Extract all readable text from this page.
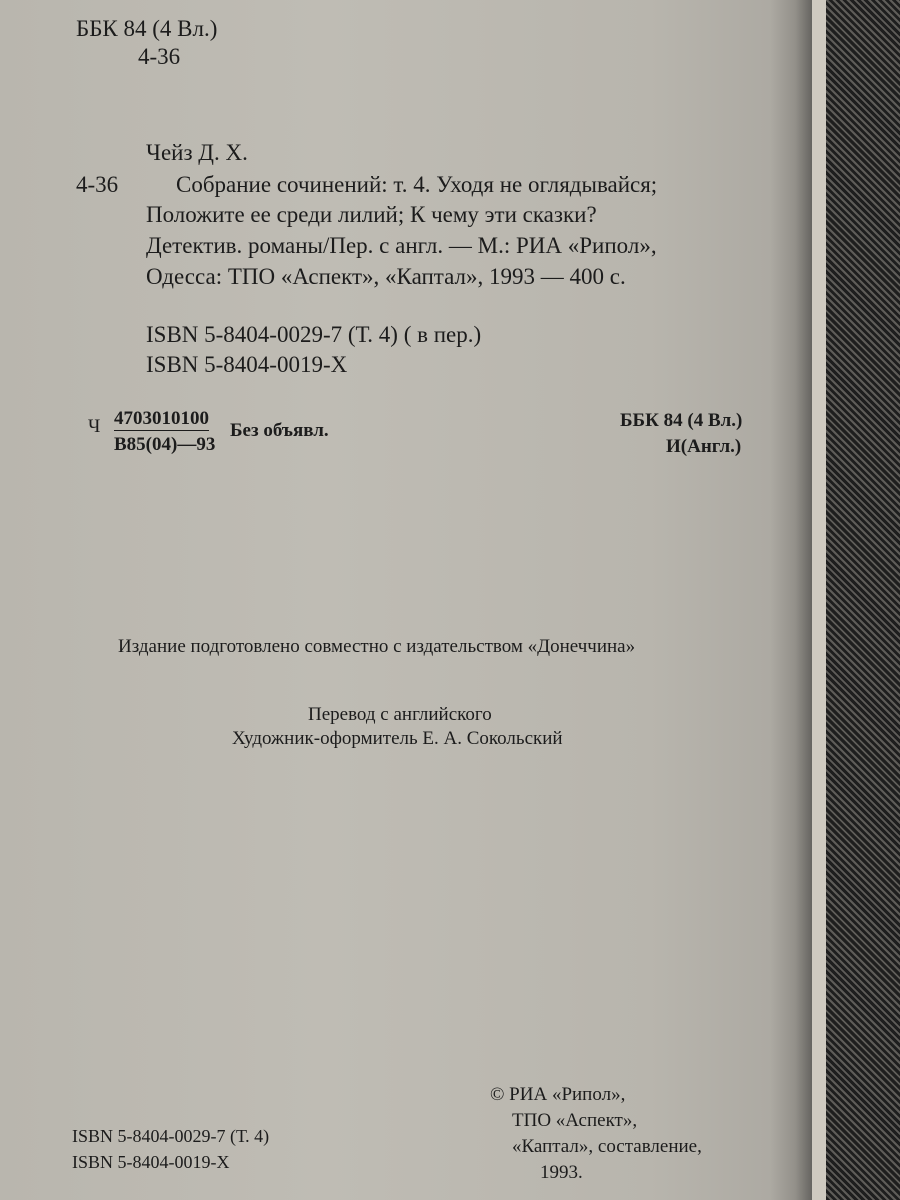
ББК 84 (4 Вл.)
4-36
Чейз Д. Х.
4-36	Собрание сочинений: т. 4. Уходя не оглядывайся;
Положите ее среди лилий; К чему эти сказки?
Детектив. романы/Пер. с англ. — М.: РИА «Рипол»,
Одесса: ТПО «Аспект», «Каптал», 1993 — 400 с.
ISBN 5-8404-0029-7 (Т. 4) ( в пер.)
ISBN 5-8404-0019-X
Ч 4703010100
В85(04)—93
Без объявл.	ББК 84 (4 Вл.)
И(Англ.)
Издание подготовлено совместно с издательством «Донеччина»
Перевод с английского
Художник-оформитель Е. А. Сокольский
© РИА «Рипол»,
ТПО «Аспект»,
«Каптал», составление,
1993.
ISBN 5-8404-0029-7 (Т. 4)
ISBN 5-8404-0019-X
